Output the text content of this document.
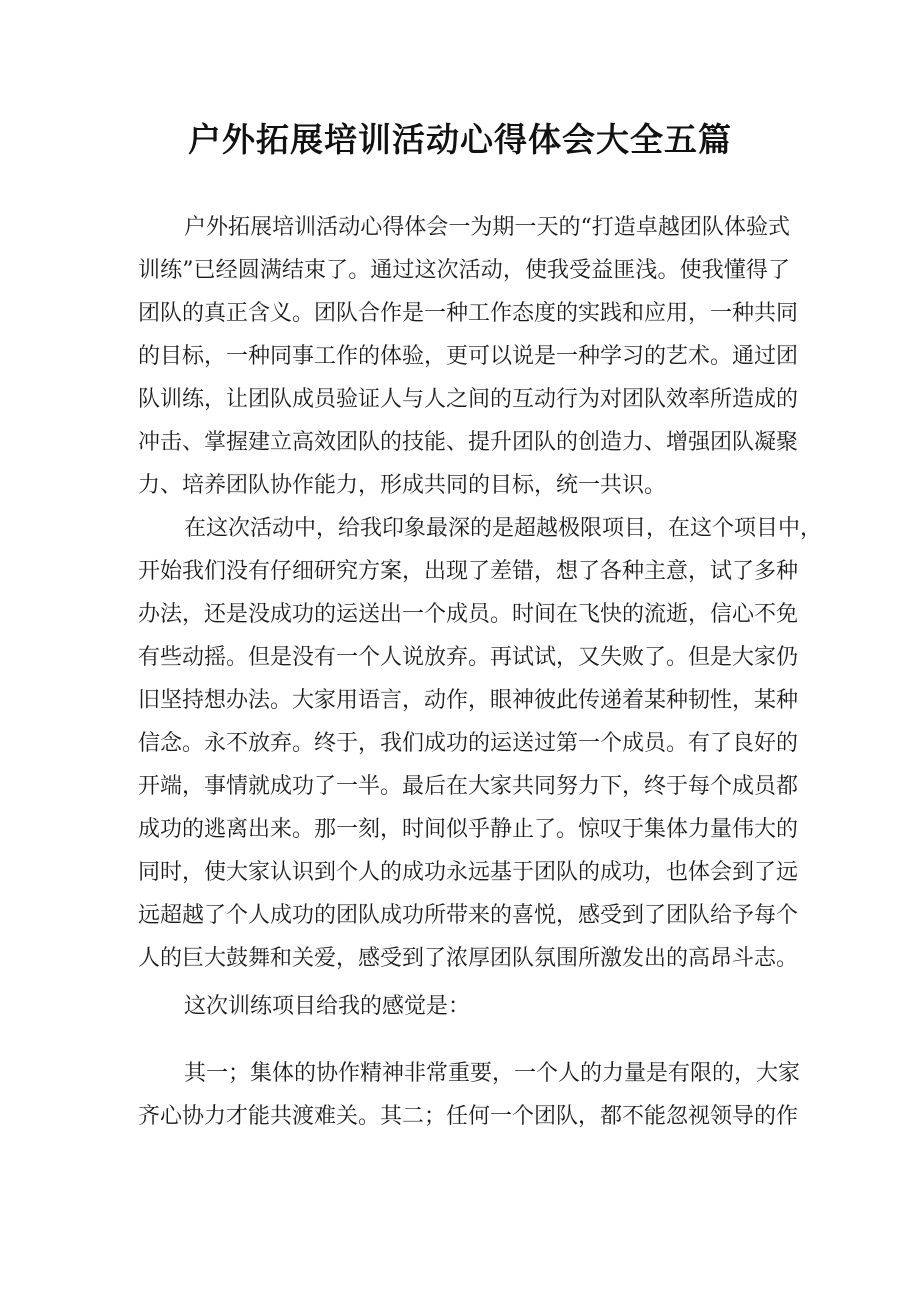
户外拓展培训活动心得体会大全五篇
户外拓展培训活动心得体会一为期一天的“打造卓越团队体验式
训练”已经圆满结束了。通过这次活动，使我受益匪浅。使我懂得了
团队的真正含义。团队合作是一种工作态度的实践和应用，一种共同
的目标，一种同事工作的体验，更可以说是一种学习的艺术。通过团
队训练，让团队成员验证人与人之间的互动行为对团队效率所造成的
冲击、掌握建立高效团队的技能、提升团队的创造力、增强团队凝聚
力、培养团队协作能力，形成共同的目标，统一共识。
在这次活动中，给我印象最深的是超越极限项目，在这个项目中，
开始我们没有仔细研究方案，出现了差错，想了各种主意，试了多种
办法，还是没成功的运送出一个成员。时间在飞快的流逝，信心不免
有些动摇。但是没有一个人说放弃。再试试，又失败了。但是大家仍
旧坚持想办法。大家用语言，动作，眼神彼此传递着某种韧性，某种
信念。永不放弃。终于，我们成功的运送过第一个成员。有了良好的
开端，事情就成功了一半。最后在大家共同努力下，终于每个成员都
成功的逃离出来。那一刻，时间似乎静止了。惊叹于集体力量伟大的
同时，使大家认识到个人的成功永远基于团队的成功，也体会到了远
远超越了个人成功的团队成功所带来的喜悦，感受到了团队给予每个
人的巨大鼓舞和关爱，感受到了浓厚团队氛围所激发出的高昂斗志。
这次训练项目给我的感觉是：
其一；集体的协作精神非常重要，一个人的力量是有限的，大家
齐心协力才能共渡难关。其二；任何一个团队，都不能忽视领导的作
